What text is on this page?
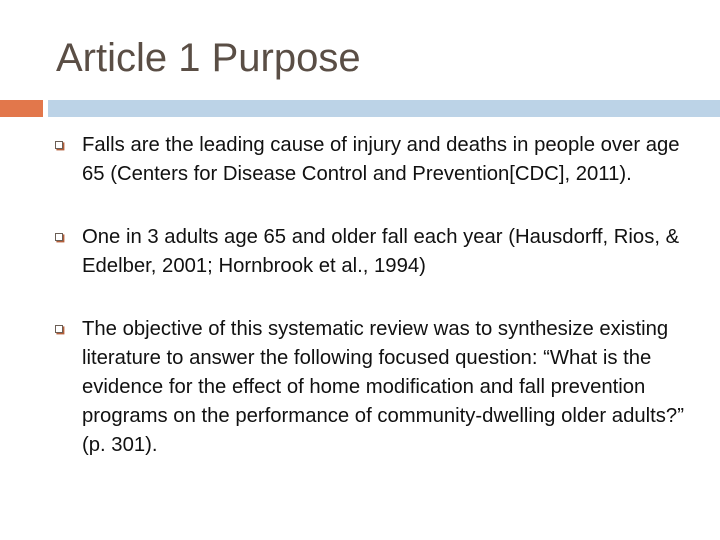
Article 1 Purpose
Falls are the leading cause of injury and deaths in people over age 65 (Centers for Disease Control and Prevention[CDC], 2011).
One in 3 adults age 65 and older fall each year (Hausdorff, Rios, & Edelber, 2001; Hornbrook et al., 1994)
The objective of this systematic review was to synthesize existing literature to answer the following focused question: “What is the evidence for the effect of home modification and fall prevention programs on the performance of community-dwelling older adults?” (p. 301).
